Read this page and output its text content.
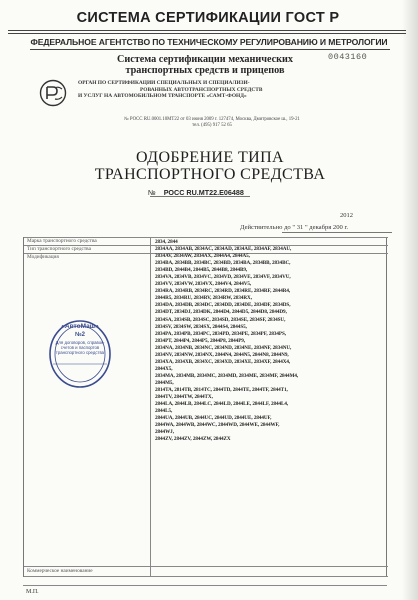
СИСТЕМА СЕРТИФИКАЦИИ ГОСТ Р
ФЕДЕРАЛЬНОЕ АГЕНТСТВО ПО ТЕХНИЧЕСКОМУ РЕГУЛИРОВАНИЮ И МЕТРОЛОГИИ
Система сертификации механических
транспортных средств и прицепов
0043160
ОРГАН ПО СЕРТИФИКАЦИИ СПЕЦИАЛЬНЫХ И СПЕЦИАЛИЗИ-
РОВАННЫХ АВТОТРАНСПОРТНЫХ СРЕДСТВ
И УСЛУГ НА АВТОМОБИЛЬНОМ ТРАНСПОРТЕ «САМТ-ФОНД»
№ РОСС RU.0001.10МТ22 от 03 июня 2009 г. 127474, Москва, Дмитровское ш., 19-21
тел. (495) 917 52 65
ОДОБРЕНИЕ ТИПА
ТРАНСПОРТНОГО СРЕДСТВА
№ РОСС RU.MT22.E06488
2012
Действительно до " 31 " декабря 200 г.
Марка транспортного средства
Тип транспортного средства
Модификация
Коммерческое наименование
2834, 2844
2834AA, 2834AB, 2834AC, 2834AD, 2834AE, 2834AF, 2834AU,
2834AV, 2834AW, 2834AX, 2844A4, 2844A5,
2834BA, 2834BB, 2834BC, 2834BD, 2834BA, 2834BB, 2834BC,
2834BD, 2844B4, 2844B5, 2844B8, 2844B9,
2834VA, 2834VB, 2834VC, 2834VD, 2834VE, 2834VF, 2834VU,
2834VV, 2834VW, 2834VX, 2844V4, 2844V5,
2834RA, 2834RB, 2834RC, 2834RD, 2834RE, 2834RF, 2844R4,
2844R5, 2834RU, 2834RV, 2834RW, 2834RX,
2834DA, 2834DB, 2834DC, 2834DD, 2834DE, 2834DF, 2834DS,
2834DT, 2834DJ, 2834DK, 2844D4, 2844D5, 2844D8, 2844D9,
2834SA, 2834SB, 2834SC, 2834SD, 2834SE, 2834SF, 2834SU,
2834SV, 2834SW, 2834SX, 2844S4, 2844S5,
2834PA, 2834PB, 2834PC, 2834PD, 2834PE, 2834PF, 2834PS,
2834PT, 2844P4, 2844P5, 2844P8, 2844P9,
2834NA, 2834NB, 2834NC, 2834ND, 2834NE, 2834NF, 2834NU,
2834NV, 2834NW, 2834NX, 2844N4, 2844N5, 2844N8, 2844N9,
2834XA, 2834XB, 2834XC, 2834XD, 2834XE, 2834XF, 2844X4,
2844X5,
2834MA, 2834MB, 2834MC, 2834MD, 2834ME, 2834MF, 2844M4,
2844M5,
2814TA, 2814TB, 2814TC, 2844TD, 2844TE, 2844TF, 2844T1,
2844TV, 2844TW, 2844TX,
2844LA, 2844LB, 2844LC, 2844LD, 2844LE, 2844LF, 2844L4,
2844L5,
2844UA, 2844UB, 2844UC, 2844UD, 2844UE, 2844UF,
2844WA, 2844WB, 2844WC, 2844WD, 2844WE, 2844WF,
2844WJ,
2844ZV, 2844ZV, 2844ZW, 2844ZX
«АвтоМаш»
№2
Для договоров, справок-счетов и паспортов транспортного средства
М.П.
